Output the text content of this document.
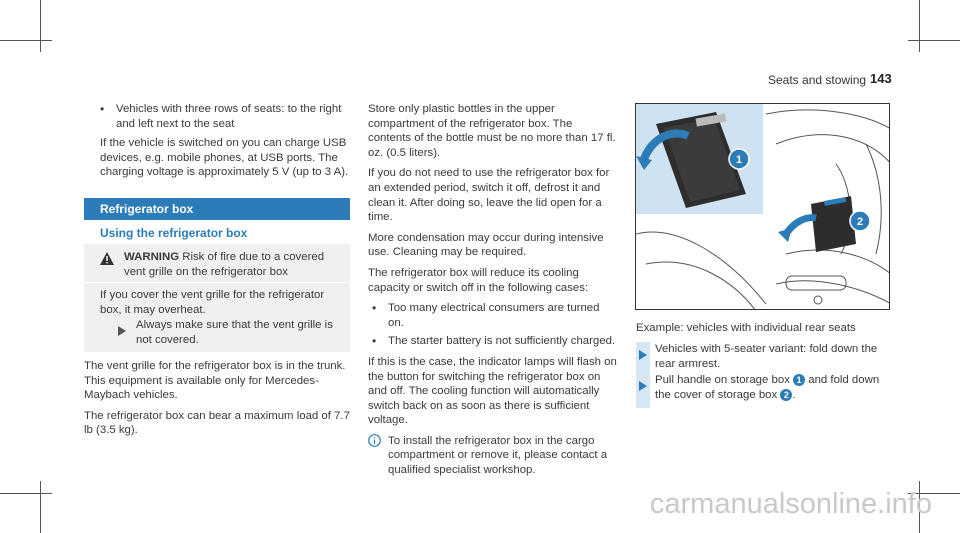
Seats and stowing 143
• Vehicles with three rows of seats: to the right and left next to the seat

If the vehicle is switched on you can charge USB devices, e.g. mobile phones, at USB ports. The charging voltage is approximately 5 V (up to 3 A).

Refrigerator box
Using the refrigerator box
WARNING Risk of fire due to a covered vent grille on the refrigerator box
If you cover the vent grille for the refrigerator box, it may overheat.
Always make sure that the vent grille is not covered.

The vent grille for the refrigerator box is in the trunk.

This equipment is available only for Mercedes-Maybach vehicles.

The refrigerator box can bear a maximum load of 7.7 lb (3.5 kg).

Store only plastic bottles in the upper compartment of the refrigerator box. The contents of the bottle must be no more than 17 fl. oz. (0.5 liters).

If you do not need to use the refrigerator box for an extended period, switch it off, defrost it and clean it. After doing so, leave the lid open for a time.

More condensation may occur during intensive use. Cleaning may be required.

The refrigerator box will reduce its cooling capacity or switch off in the following cases:

• Too many electrical consumers are turned on.
• The starter battery is not sufficiently charged.

If this is the case, the indicator lamps will flash on the button for switching the refrigerator box on and off. The cooling function will automatically switch back on as soon as there is sufficient voltage.

To install the refrigerator box in the cargo compartment or remove it, please contact a qualified specialist workshop.
1
2
Example: vehicles with individual rear seats
Vehicles with 5-seater variant: fold down the rear armrest.
Pull handle on storage box 1 and fold down the cover of storage box 2 .
carmanualsonline.info
